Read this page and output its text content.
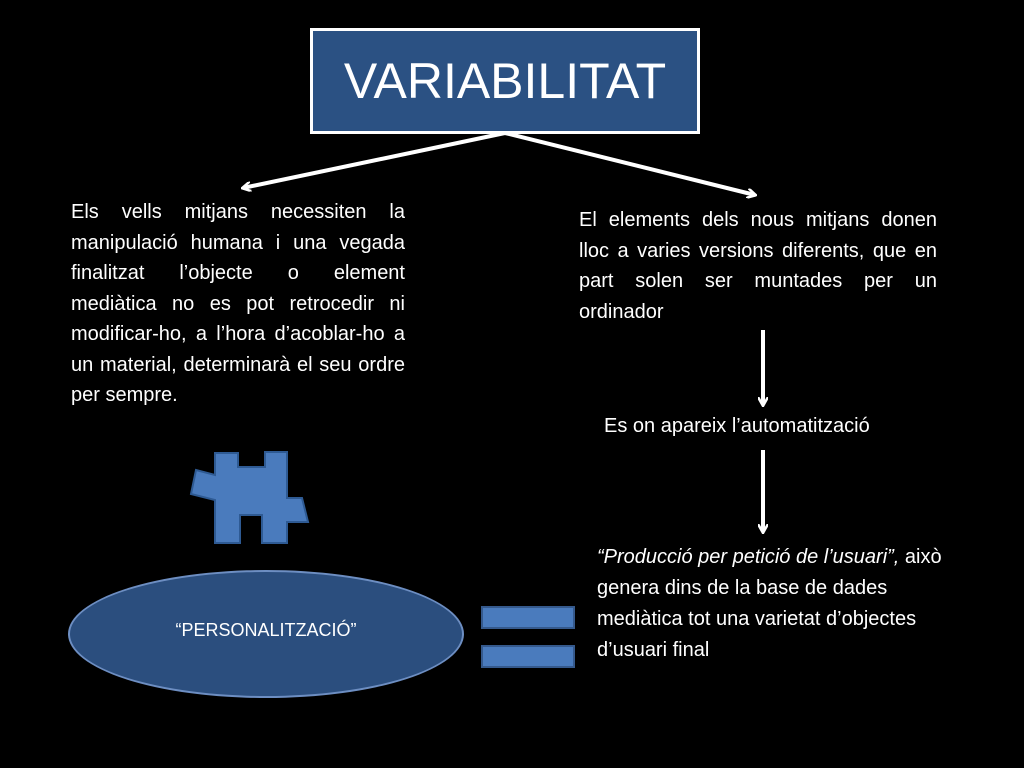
VARIABILITAT
Els vells mitjans necessiten la manipulació humana i una vegada finalitzat l’objecte o element mediàtica no es pot retrocedir ni modificar-ho, a l’hora d’acoblar-ho a un material, determinarà el seu ordre per sempre.
El elements dels nous mitjans donen lloc a varies versions diferents, que en part solen ser muntades per un ordinador
Es on apareix l’automatització
“Producció per petició de l’usuari”, això genera dins de la base de dades mediàtica tot una varietat d’objectes d’usuari final
“PERSONALITZACIÓ”
